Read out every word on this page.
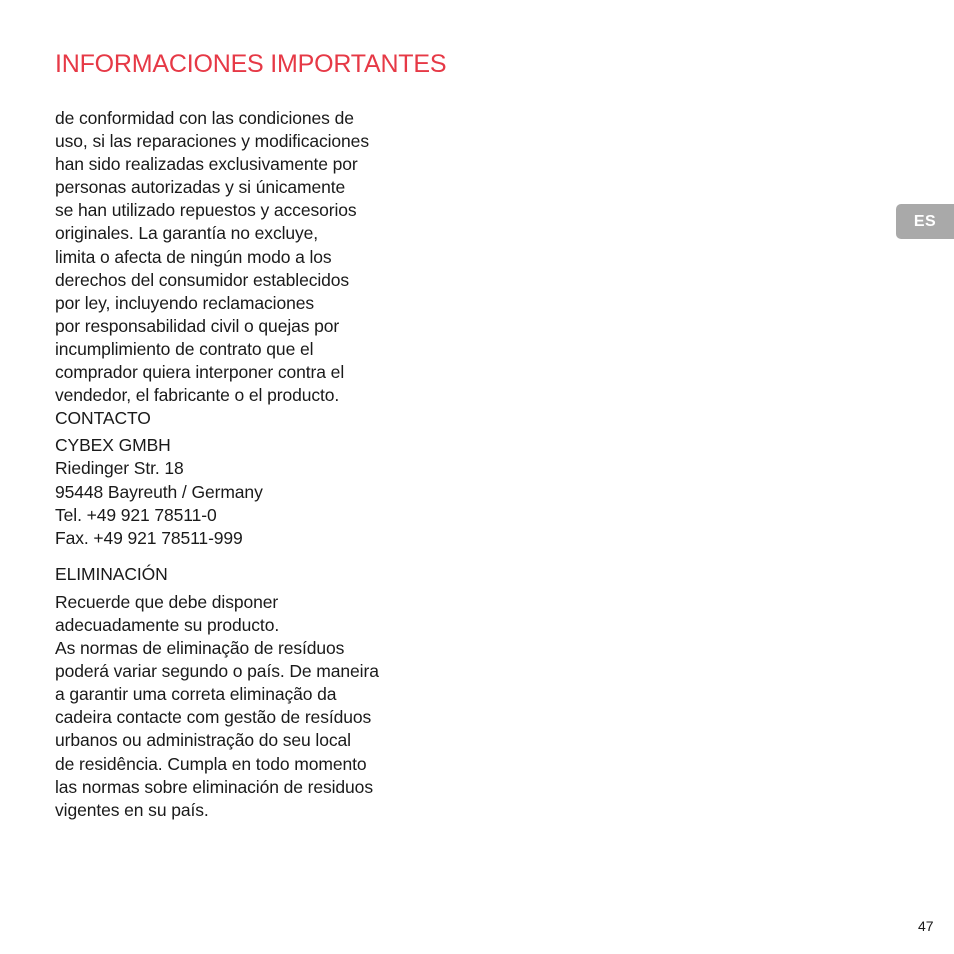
INFORMACIONES IMPORTANTES
ES

de conformidad con las condiciones de
uso, si las reparaciones y modificaciones
han sido realizadas exclusivamente por
personas autorizadas y si únicamente
se han utilizado repuestos y accesorios
originales. La garantía no excluye,
limita o afecta de ningún modo a los
derechos del consumidor establecidos
por ley, incluyendo reclamaciones
por responsabilidad civil o quejas por
incumplimiento de contrato que el
comprador quiera interponer contra el
vendedor, el fabricante o el producto.

CONTACTO
CYBEX GMBH
Riedinger Str. 18
95448 Bayreuth / Germany
Tel. +49 921 78511-0
Fax. +49 921 78511-999
ELIMINACIÓN
Recuerde que debe disponer
adecuadamente su producto.
As normas de eliminação de resíduos
poderá variar segundo o país. De maneira
a garantir uma correta eliminação da
cadeira contacte com gestão de resíduos
urbanos ou administração do seu local
de residência. Cumpla en todo momento
las normas sobre eliminación de residuos
vigentes en su país.
47
